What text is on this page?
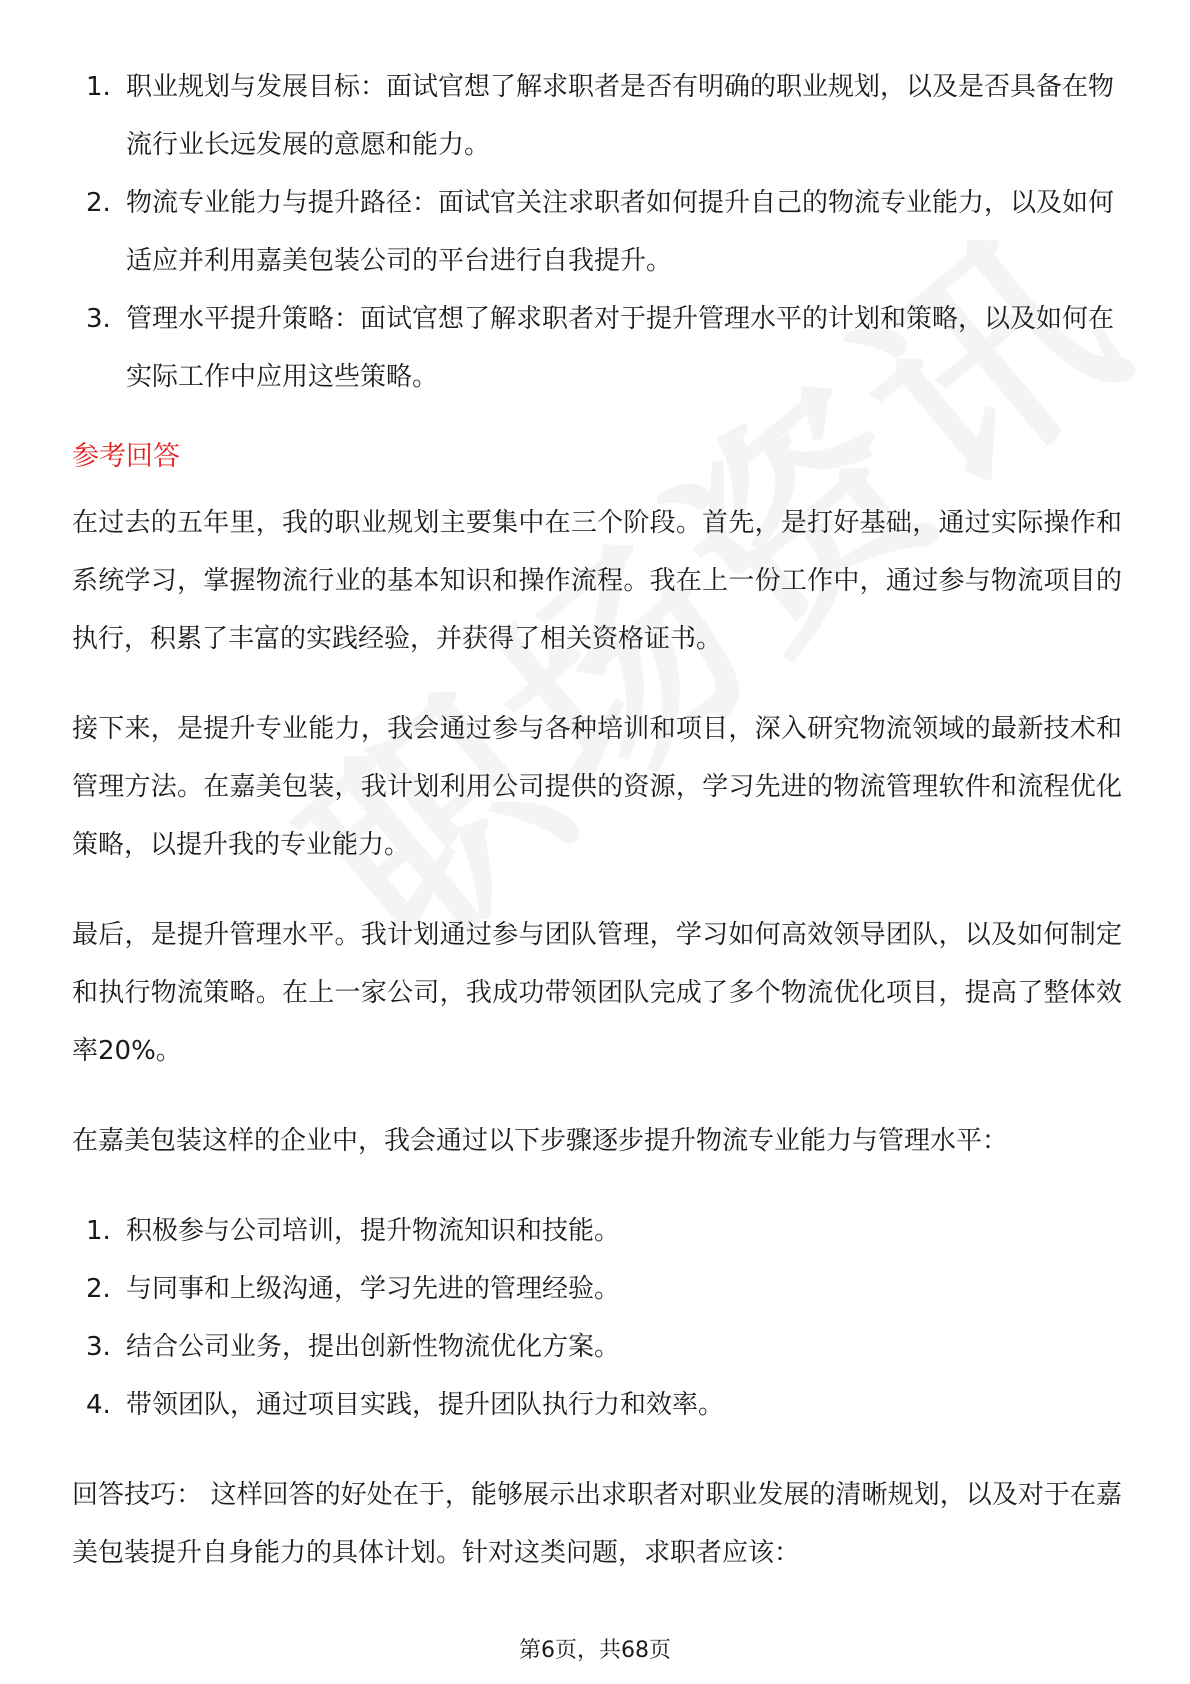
1. 职业规划与发展目标：面试官想了解求职者是否有明确的职业规划，以及是否具备在物流行业长远发展的意愿和能力。
2. 物流专业能力与提升路径：面试官关注求职者如何提升自己的物流专业能力，以及如何适应并利用嘉美包装公司的平台进行自我提升。
3. 管理水平提升策略：面试官想了解求职者对于提升管理水平的计划和策略，以及如何在实际工作中应用这些策略。
参考回答

在过去的五年里，我的职业规划主要集中在三个阶段。首先，是打好基础，通过实际操作和系统学习，掌握物流行业的基本知识和操作流程。我在上一份工作中，通过参与物流项目的执行，积累了丰富的实践经验，并获得了相关资格证书。

接下来，是提升专业能力，我会通过参与各种培训和项目，深入研究物流领域的最新技术和管理方法。在嘉美包装，我计划利用公司提供的资源，学习先进的物流管理软件和流程优化策略，以提升我的专业能力。

最后，是提升管理水平。我计划通过参与团队管理，学习如何高效领导团队，以及如何制定和执行物流策略。在上一家公司，我成功带领团队完成了多个物流优化项目，提高了整体效率20%。

在嘉美包装这样的企业中，我会通过以下步骤逐步提升物流专业能力与管理水平：

1. 积极参与公司培训，提升物流知识和技能。
2. 与同事和上级沟通，学习先进的管理经验。
3. 结合公司业务，提出创新性物流优化方案。
4. 带领团队，通过项目实践，提升团队执行力和效率。

回答技巧： 这样回答的好处在于，能够展示出求职者对职业发展的清晰规划，以及对于在嘉美包装提升自身能力的具体计划。针对这类问题，求职者应该：

第6页，共68页
